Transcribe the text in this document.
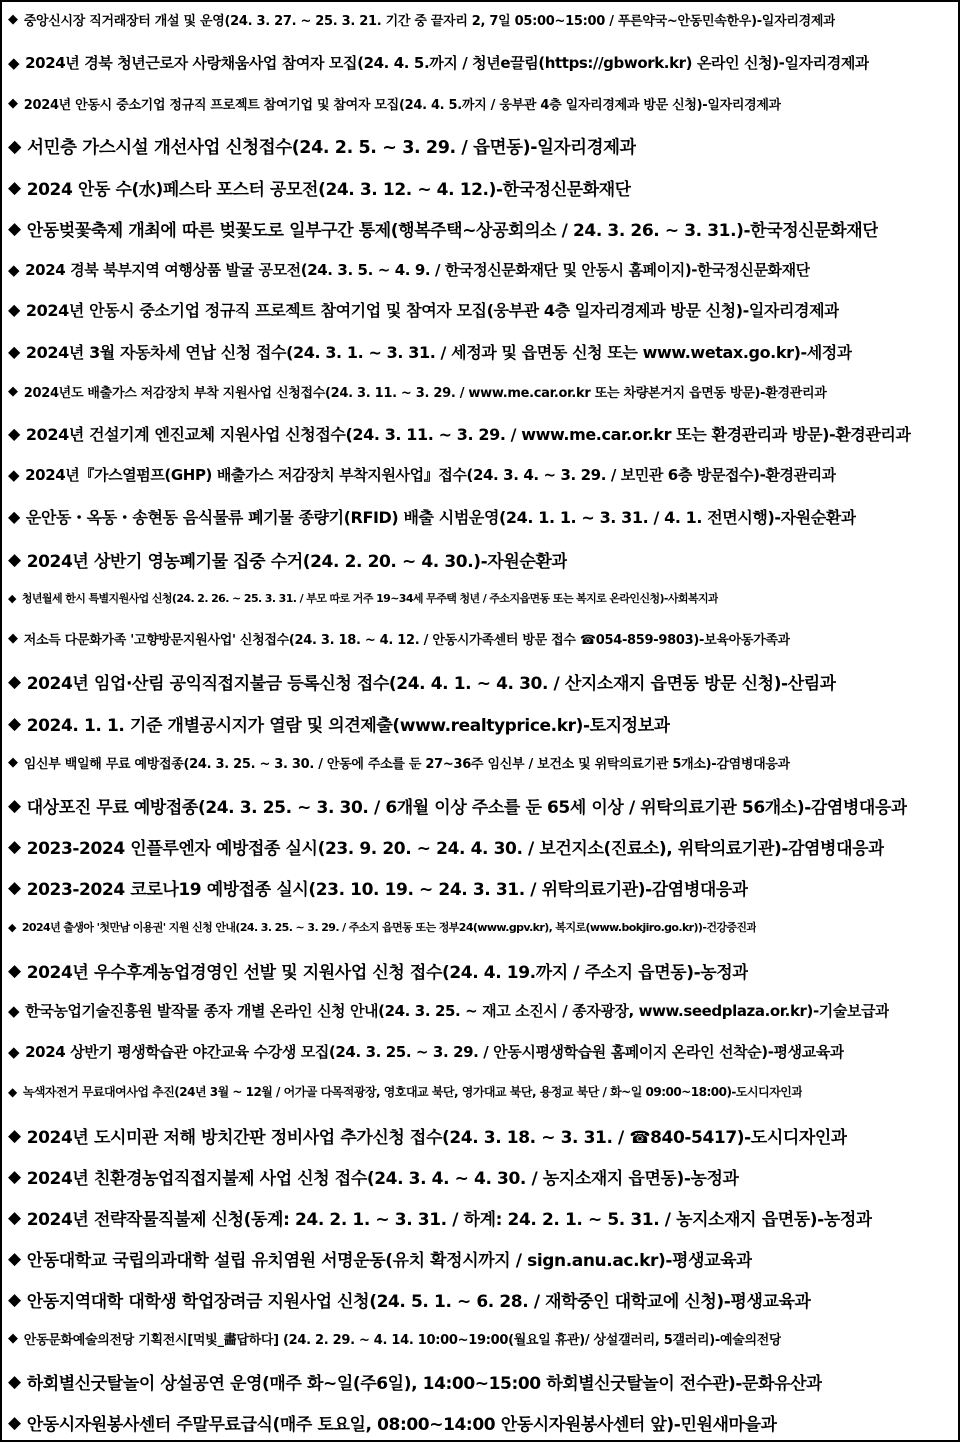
◆ 중앙신시장 직거래장터 개설 및 운영(24. 3. 27. ~ 25. 3. 21. 기간 중 끝자리 2, 7일 05:00~15:00 / 푸른약국~안동민속한우)-일자리경제과
◆ 2024년 경북 청년근로자 사랑채움사업 참여자 모집(24. 4. 5.까지 / 청년e끌림(https://gbwork.kr) 온라인 신청)-일자리경제과
◆ 2024년 안동시 중소기업 정규직 프로젝트 참여기업 및 참여자 모집(24. 4. 5.까지 / 웅부관 4층 일자리경제과 방문 신청)-일자리경제과
◆ 서민층 가스시설 개선사업 신청접수(24. 2. 5. ~ 3. 29. / 읍면동)-일자리경제과
◆ 2024 안동 수(水)페스타 포스터 공모전(24. 3. 12. ~ 4. 12.)-한국정신문화재단
◆ 안동벚꽃축제 개최에 따른 벚꽃도로 일부구간 통제(행복주택~상공회의소 / 24. 3. 26. ~ 3. 31.)-한국정신문화재단
◆ 2024 경북 북부지역 여행상품 발굴 공모전(24. 3. 5. ~ 4. 9. / 한국정신문화재단 및 안동시 홈페이지)-한국정신문화재단
◆ 2024년 안동시 중소기업 정규직 프로젝트 참여기업 및 참여자 모집(웅부관 4층 일자리경제과 방문 신청)-일자리경제과
◆ 2024년 3월 자동차세 연납 신청 접수(24. 3. 1. ~ 3. 31. / 세정과 및 읍면동 신청 또는 www.wetax.go.kr)-세정과
◆ 2024년도 배출가스 저감장치 부착 지원사업 신청접수(24. 3. 11. ~ 3. 29. / www.me.car.or.kr 또는 차량본거지 읍면동 방문)-환경관리과
◆ 2024년 건설기계 엔진교체 지원사업 신청접수(24. 3. 11. ~ 3. 29. / www.me.car.or.kr 또는 환경관리과 방문)-환경관리과
◆ 2024년『가스열펌프(GHP) 배출가스 저감장치 부착지원사업』접수(24. 3. 4. ~ 3. 29. / 보민관 6층 방문접수)-환경관리과
◆ 운안동・옥동・송현동 음식물류 폐기물 종량기(RFID) 배출 시범운영(24. 1. 1. ~ 3. 31. / 4. 1. 전면시행)-자원순환과
◆ 2024년 상반기 영농폐기물 집중 수거(24. 2. 20. ~ 4. 30.)-자원순환과
◆ 청년월세 한시 특별지원사업 신청(24. 2. 26. ~ 25. 3. 31. / 부모 따로 거주 19~34세 무주택 청년 / 주소지읍면동 또는 복지로 온라인신청)-사회복지과
◆ 저소득 다문화가족 '고향방문지원사업' 신청접수(24. 3. 18. ~ 4. 12. / 안동시가족센터 방문 접수 ☎054-859-9803)-보육아동가족과
◆ 2024년 임업·산림 공익직접지불금 등록신청 접수(24. 4. 1. ~ 4. 30. / 산지소재지 읍면동 방문 신청)-산림과
◆ 2024. 1. 1. 기준 개별공시지가 열람 및 의견제출(www.realtyprice.kr)-토지정보과
◆ 임신부 백일해 무료 예방접종(24. 3. 25. ~ 3. 30. / 안동에 주소를 둔 27~36주 임신부 / 보건소 및 위탁의료기관 5개소)-감염병대응과
◆ 대상포진 무료 예방접종(24. 3. 25. ~ 3. 30. / 6개월 이상 주소를 둔 65세 이상 / 위탁의료기관 56개소)-감염병대응과
◆ 2023-2024 인플루엔자 예방접종 실시(23. 9. 20. ~ 24. 4. 30. / 보건지소(진료소), 위탁의료기관)-감염병대응과
◆ 2023-2024 코로나19 예방접종 실시(23. 10. 19. ~ 24. 3. 31. / 위탁의료기관)-감염병대응과
◆ 2024년 출생아 '첫만남 이용권' 지원 신청 안내(24. 3. 25. ~ 3. 29. / 주소지 읍면동 또는 정부24(www.gpv.kr), 복지로(www.bokjiro.go.kr))-건강증진과
◆ 2024년 우수후계농업경영인 선발 및 지원사업 신청 접수(24. 4. 19.까지 / 주소지 읍면동)-농정과
◆ 한국농업기술진흥원 발작물 종자 개별 온라인 신청 안내(24. 3. 25. ~ 재고 소진시 / 종자광장, www.seedplaza.or.kr)-기술보급과
◆ 2024 상반기 평생학습관 야간교육 수강생 모집(24. 3. 25. ~ 3. 29. / 안동시평생학습원 홈페이지 온라인 선착순)-평생교육과
◆ 녹색자전거 무료대여사업 추진(24년 3월 ~ 12월 / 어가골 다목적광장, 영호대교 북단, 영가대교 북단, 용정교 북단 / 화~일 09:00~18:00)-도시디자인과
◆ 2024년 도시미관 저해 방치간판 정비사업 추가신청 접수(24. 3. 18. ~ 3. 31. / ☎840-5417)-도시디자인과
◆ 2024년 친환경농업직접지불제 사업 신청 접수(24. 3. 4. ~ 4. 30. / 농지소재지 읍면동)-농정과
◆ 2024년 전략작물직불제 신청(동계: 24. 2. 1. ~ 3. 31. / 하계: 24. 2. 1. ~ 5. 31. / 농지소재지 읍면동)-농정과
◆ 안동대학교 국립의과대학 설립 유치염원 서명운동(유치 확정시까지 / sign.anu.ac.kr)-평생교육과
◆ 안동지역대학 대학생 학업장려금 지원사업 신청(24. 5. 1. ~ 6. 28. / 재학중인 대학교에 신청)-평생교육과
◆ 안동문화예술의전당 기획전시[먹빛_畵답하다] (24. 2. 29. ~ 4. 14. 10:00~19:00(월요일 휴관)/ 상설갤러리, 5갤러리)-예술의전당
◆ 하회별신굿탈놀이 상설공연 운영(매주 화~일(주6일), 14:00~15:00 하회별신굿탈놀이 전수관)-문화유산과
◆ 안동시자원봉사센터 주말무료급식(매주 토요일, 08:00~14:00 안동시자원봉사센터 앞)-민원새마을과
